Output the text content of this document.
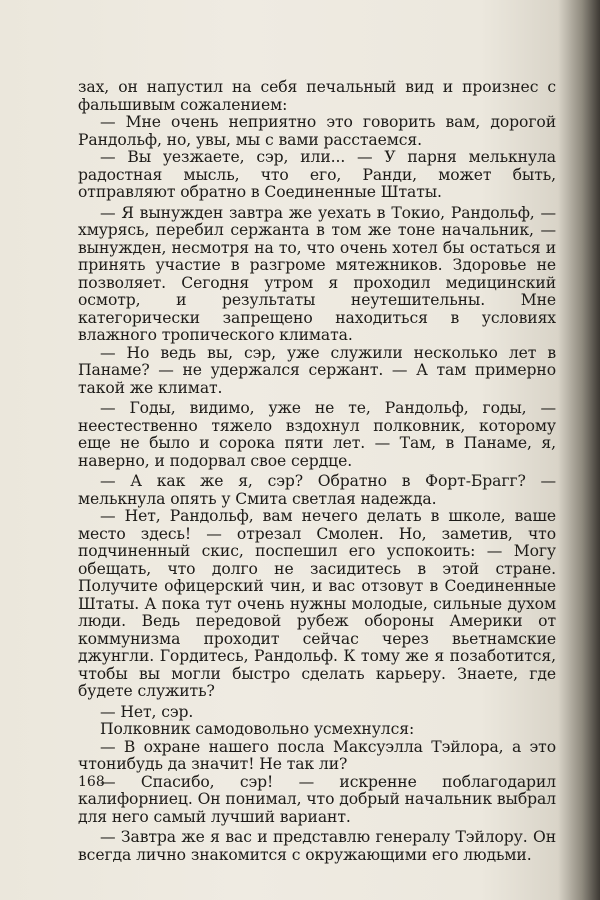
зах, он напустил на себя печальный вид и произнес с фальшивым сожалением:

— Мне очень неприятно это говорить вам, дорогой Рандольф, но, увы, мы с вами расстаемся.

— Вы уезжаете, сэр, или... — У парня мелькнула радостная мысль, что его, Ранди, может быть, отправляют обратно в Соединенные Штаты.

— Я вынужден завтра же уехать в Токио, Рандольф, — хмурясь, перебил сержанта в том же тоне начальник, — вынужден, несмотря на то, что очень хотел бы остаться и принять участие в разгроме мятежников. Здоровье не позволяет. Сегодня утром я проходил медицинский осмотр, и результаты неутешительны. Мне категорически запрещено находиться в условиях влажного тропического климата.

— Но ведь вы, сэр, уже служили несколько лет в Панаме? — не удержался сержант. — А там примерно такой же климат.

— Годы, видимо, уже не те, Рандольф, годы, — неестественно тяжело вздохнул полковник, которому еще не было и сорока пяти лет. — Там, в Панаме, я, наверно, и подорвал свое сердце.

— А как же я, сэр? Обратно в Форт-Брагг? — мелькнула опять у Смита светлая надежда.

— Нет, Рандольф, вам нечего делать в школе, ваше место здесь! — отрезал Смолен. Но, заметив, что подчиненный скис, поспешил его успокоить: — Могу обещать, что долго не засидитесь в этой стране. Получите офицерский чин, и вас отзовут в Соединенные Штаты. А пока тут очень нужны молодые, сильные духом люди. Ведь передовой рубеж обороны Америки от коммунизма проходит сейчас через вьетнамские джунгли. Гордитесь, Рандольф. К тому же я позаботится, чтобы вы могли быстро сделать карьеру. Знаете, где будете служить?

— Нет, сэр.

Полковник самодовольно усмехнулся:

— В охране нашего посла Максуэлла Тэйлора, а это чтонибудь да значит! Не так ли?

— Спасибо, сэр! — искренне поблагодарил калифорниец. Он понимал, что добрый начальник выбрал для него самый лучший вариант.

— Завтра же я вас и представлю генералу Тэйлору. Он всегда лично знакомится с окружающими его людьми.

168
